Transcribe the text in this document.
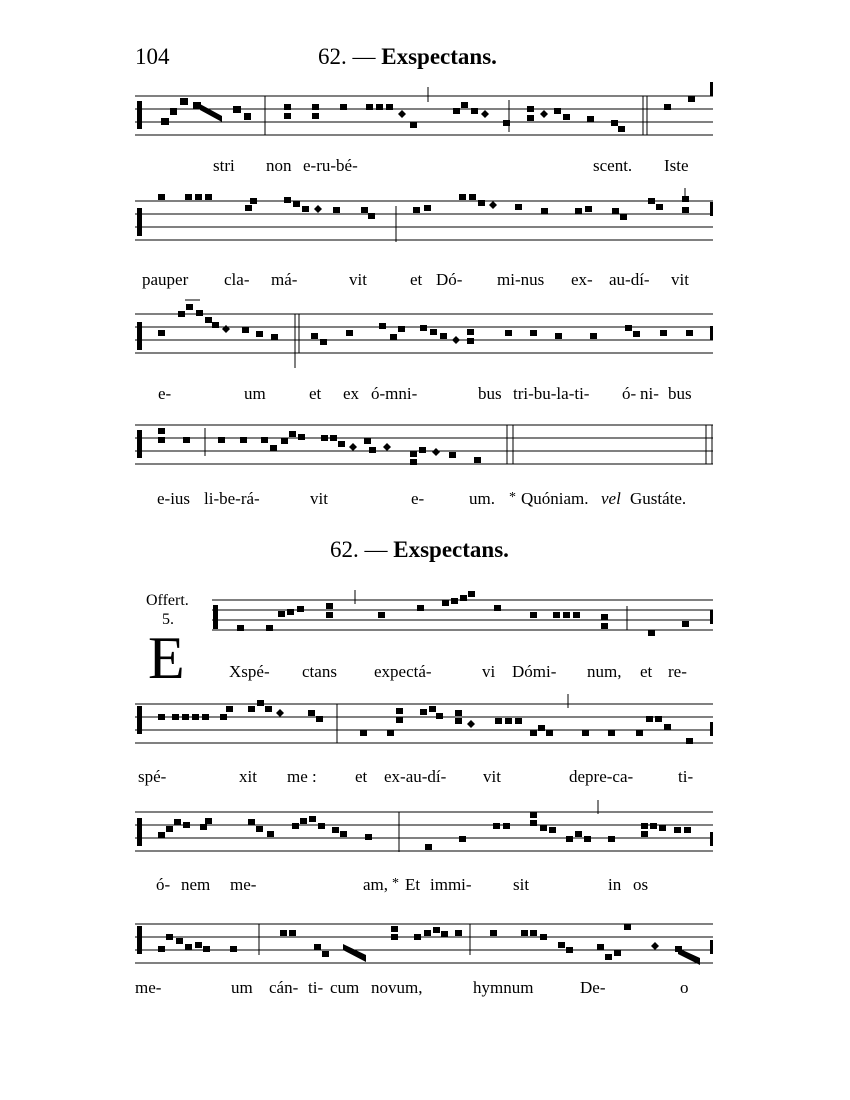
104	62. — Exspectans.
stri non e-ru-bé-	scent. Iste
pauper cla- má-	vit	et Dó- mi-nus ex- au-dí- vit
e-	um	et ex ó-mni-	bus tri-bu-la-ti- ó- ni- bus
e-ius li-be-rá-	vit	e-	um. * Quóniam. vel Gustáte.
62. — Exspectans.
Offert.
5.
E	Xspé- ctans expectá-	vi Dómi- num, et re-
spé-	xit me : et ex-au-dí- vit	depre-ca-	ti-
ó- nem me-	am, * Et immi- sit	in os
me-	um cán- ti- cum novum,	hymnum	De-	o
